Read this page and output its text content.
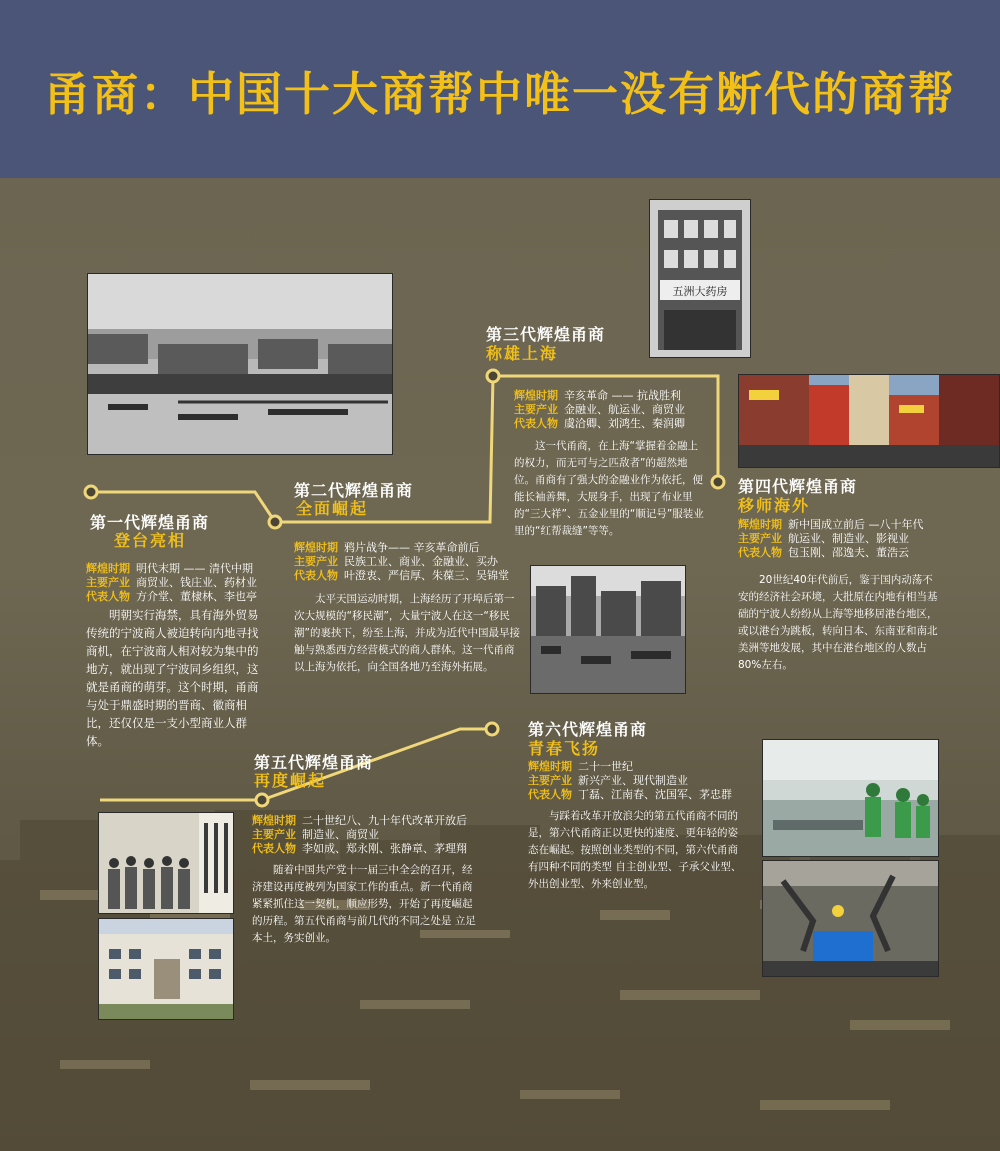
甬商：中国十大商帮中唯一没有断代的商帮
五洲大药房
第一代辉煌甬商
登台亮相
辉煌时期 明代末期 —— 清代中期
主要产业 商贸业、钱庄业、药材业
代表人物 方介堂、董棣林、李也亭
明朝实行海禁，具有海外贸易传统的宁波商人被迫转向内地寻找商机，在宁波商人相对较为集中的地方，就出现了宁波同乡组织，这就是甬商的萌芽。这个时期，甬商与处于鼎盛时期的晋商、徽商相比，还仅仅是一支小型商业人群体。
第二代辉煌甬商
全面崛起
辉煌时期 鸦片战争—— 辛亥革命前后
主要产业 民族工业、商业、金融业、买办
代表人物 叶澄衷、严信厚、朱葆三、吴锦堂
太平天国运动时期，上海经历了开埠后第一次大规模的“移民潮”，大量宁波人在这一“移民潮”的裹挟下，纷至上海，并成为近代中国最早接触与熟悉西方经营模式的商人群体。这一代甬商以上海为依托，向全国各地乃至海外拓展。
第三代辉煌甬商
称雄上海
辉煌时期 辛亥革命 —— 抗战胜利
主要产业 金融业、航运业、商贸业
代表人物 虞洽卿、刘鸿生、秦润卿
这一代甬商，在上海“掌握着金融上的权力，而无可与之匹敌者”的超然地位。甬商有了强大的金融业作为依托，便能长袖善舞，大展身手，出现了布业里的“三大祥”、五金业里的“顺记号”服装业里的“红帮裁缝”等等。
第四代辉煌甬商
移师海外
辉煌时期 新中国成立前后 —八十年代
主要产业 航运业、制造业、影视业
代表人物 包玉刚、邵逸夫、董浩云
20世纪40年代前后，鉴于国内动荡不安的经济社会环境，大批原在内地有相当基础的宁波人纷纷从上海等地移居港台地区，或以港台为跳板，转向日本、东南亚和南北美洲等地发展，其中在港台地区的人数占80%左右。
第五代辉煌甬商
再度崛起
辉煌时期 二十世纪八、九十年代改革开放后
主要产业 制造业、商贸业
代表人物 李如成、郑永刚、张静章、茅理翔
随着中国共产党十一届三中全会的召开，经济建设再度被列为国家工作的重点。新一代甬商紧紧抓住这一契机，顺应形势，开始了再度崛起的历程。第五代甬商与前几代的不同之处是 立足本土，务实创业。
第六代辉煌甬商
青春飞扬
辉煌时期 二十一世纪
主要产业 新兴产业、现代制造业
代表人物 丁磊、江南春、沈国军、茅忠群
与踩着改革开放浪尖的第五代甬商不同的是，第六代甬商正以更快的速度、更年轻的姿态在崛起。按照创业类型的不同，第六代甬商有四种不同的类型 自主创业型、子承父业型、外出创业型、外来创业型。
